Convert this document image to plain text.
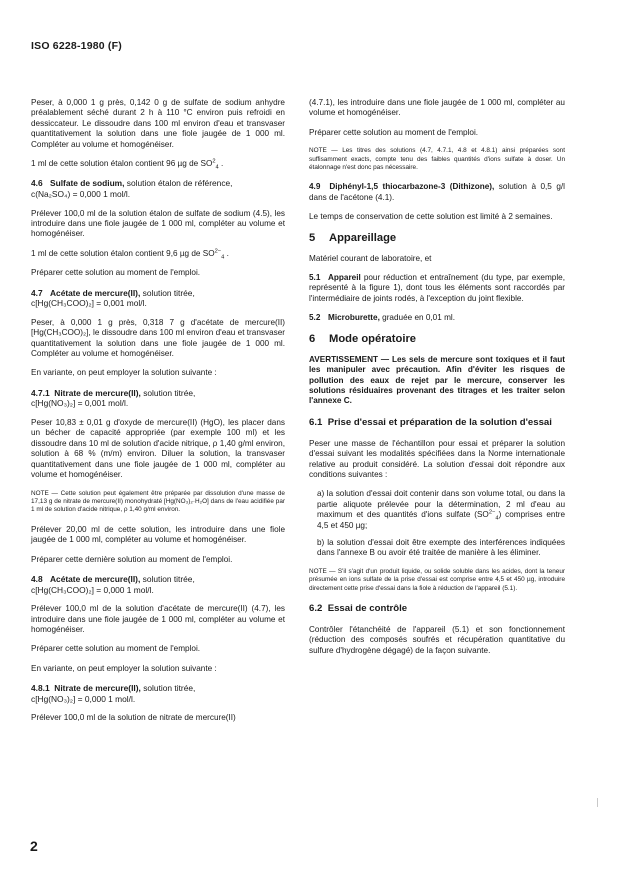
ISO 6228-1980 (F)

Peser, à 0,000 1 g près, 0,142 0 g de sulfate de sodium anhydre préalablement séché durant 2 h à 110 °C environ puis refroidi en dessiccateur. Le dissoudre dans 100 ml environ d'eau et transvaser quantitativement la solution dans une fiole jaugée de 1 000 ml. Compléter au volume et homogénéiser.

1 ml de cette solution étalon contient 96 µg de $SO^2_4$ .

4.6 Sulfate de sodium, solution étalon de référence,
c(Na₂SO₄) = 0,000 1 mol/l.

Prélever 100,0 ml de la solution étalon de sulfate de sodium (4.5), les introduire dans une fiole jaugée de 1 000 ml, compléter au volume et homogénéiser.

1 ml de cette solution étalon contient 9,6 µg de $SO^{2-}_4$ .

Préparer cette solution au moment de l'emploi.

4.7 Acétate de mercure(II), solution titrée,
c[Hg(CH₃COO)₂] = 0,001 mol/l.

Peser, à 0,000 1 g près, 0,318 7 g d'acétate de mercure(II) [Hg(CH₃COO)₂], le dissoudre dans 100 ml environ d'eau et transvaser quantitativement la solution dans une fiole jaugée de 1 000 ml. Compléter au volume et homogénéiser.

En variante, on peut employer la solution suivante :

4.7.1 Nitrate de mercure(II), solution titrée,
c[Hg(NO₃)₂] = 0,001 mol/l.

Peser 10,83 ± 0,01 g d'oxyde de mercure(II) (HgO), les placer dans un bécher de capacité appropriée (par exemple 100 ml) et les dissoudre dans 10 ml de solution d'acide nitrique, ρ 1,40 g/ml environ, solution à 68 % (m/m) environ. Diluer la solution, la transvaser quantitativement dans une fiole jaugée de 1 000 ml, compléter au volume et homogénéiser.

NOTE — Cette solution peut également être préparée par dissolution d'une masse de 17,13 g de nitrate de mercure(II) monohydraté [Hg(NO₃)₂·H₂O] dans de l'eau acidifiée par 1 ml de solution d'acide nitrique, ρ 1,40 g/ml environ.

Prélever 20,00 ml de cette solution, les introduire dans une fiole jaugée de 1 000 ml, compléter au volume et homogénéiser.

Préparer cette dernière solution au moment de l'emploi.

4.8 Acétate de mercure(II), solution titrée,
c[Hg(CH₃COO)₂] = 0,000 1 mol/l.

Prélever 100,0 ml de la solution d'acétate de mercure(II) (4.7), les introduire dans une fiole jaugée de 1 000 ml, compléter au volume et homogénéiser.

Préparer cette solution au moment de l'emploi.

En variante, on peut employer la solution suivante :

4.8.1 Nitrate de mercure(II), solution titrée,
c[Hg(NO₃)₂] = 0,000 1 mol/l.

Prélever 100,0 ml de la solution de nitrate de mercure(II)

(4.7.1), les introduire dans une fiole jaugée de 1 000 ml, compléter au volume et homogénéiser.

Préparer cette solution au moment de l'emploi.

NOTE — Les titres des solutions (4.7, 4.7.1, 4.8 et 4.8.1) ainsi préparées sont suffisamment exacts, compte tenu des faibles quantités d'ions sulfate à doser. Un étalonnage n'est donc pas nécessaire.

4.9 Diphényl-1,5 thiocarbazone-3 (Dithizone), solution à 0,5 g/l dans de l'acétone (4.1).

Le temps de conservation de cette solution est limité à 2 semaines.

5 Appareillage

Matériel courant de laboratoire, et

5.1 Appareil pour réduction et entraînement (du type, par exemple, représenté à la figure 1), dont tous les éléments sont raccordés par l'intermédiaire de joints rodés, à l'exception du joint flexible.

5.2 Microburette, graduée en 0,01 ml.

6 Mode opératoire
AVERTISSEMENT — Les sels de mercure sont toxiques et il faut les manipuler avec précaution. Afin d'éviter les risques de pollution des eaux de rejet par le mercure, conserver les solutions résiduaires provenant des titrages et les traiter selon l'annexe C.
6.1 Prise d'essai et préparation de la solution d'essai

Peser une masse de l'échantillon pour essai et préparer la solution d'essai suivant les modalités spécifiées dans la Norme internationale relative au produit considéré. La solution d'essai doit répondre aux conditions suivantes :

a) la solution d'essai doit contenir dans son volume total, ou dans la partie aliquote prélevée pour la détermination, 2 ml d'eau au maximum et des quantités d'ions sulfate $(SO^{2-}_4)$ comprises entre 4,5 et 450 µg;

b) la solution d'essai doit être exempte des interférences indiquées dans l'annexe B ou avoir été traitée de manière à les éliminer.

NOTE — S'il s'agit d'un produit liquide, ou solide soluble dans les acides, dont la teneur présumée en ions sulfate de la prise d'essai est comprise entre 4,5 et 450 µg, introduire directement cette prise d'essai dans la fiole à réduction de l'appareil (5.1).
6.2 Essai de contrôle

Contrôler l'étanchéité de l'appareil (5.1) et son fonctionnement (réduction des composés soufrés et récupération quantitative du sulfure d'hydrogène dégagé) de la façon suivante.

2
